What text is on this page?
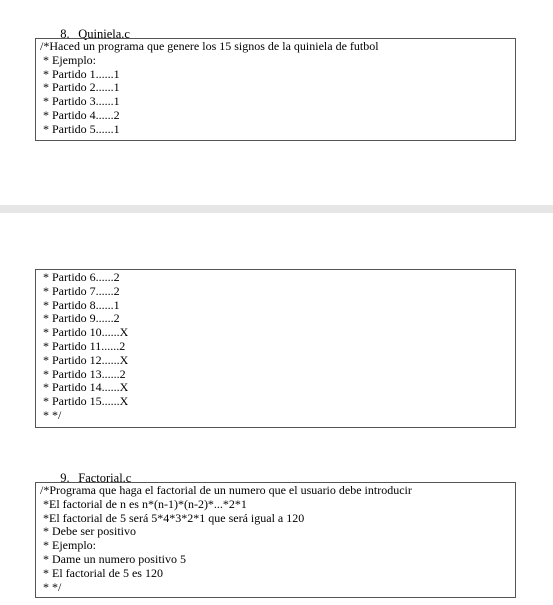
8. Quiniela.c

/*Haced un programa que genere los 15 signos de la quiniela de futbol
* Ejemplo:
* Partido 1......1
* Partido 2......1
* Partido 3......1
* Partido 4......2
* Partido 5......1
* Partido 6......2
* Partido 7......2
* Partido 8......1
* Partido 9......2
* Partido 10......X
* Partido 11......2
* Partido 12......X
* Partido 13......2
* Partido 14......X
* Partido 15......X
* */

9. Factorial.c

/*Programa que haga el factorial de un numero que el usuario debe introducir
*El factorial de n es n*(n-1)*(n-2)*...*2*1
*El factorial de 5 será 5*4*3*2*1 que será igual a 120
* Debe ser positivo
* Ejemplo:
* Dame un numero positivo 5
* El factorial de 5 es 120
* */
